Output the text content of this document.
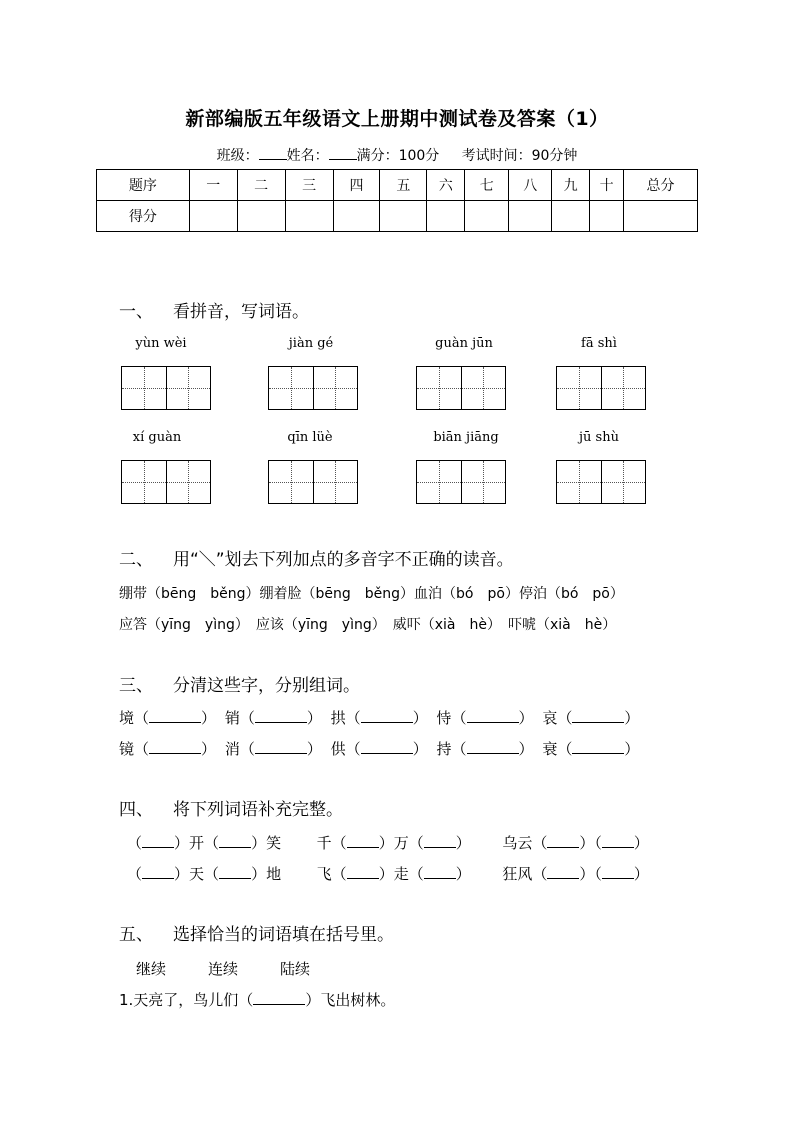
新部编版五年级语文上册期中测试卷及答案（1）
班级： 姓名： 满分：100分 考试时间：90分钟
题序	一	二	三	四	五	六	七	八	九	十	总分
得分											
一、 看拼音，写词语。
yùn wèi	jiàn gé	guàn jūn	fā shì
xí guàn	qīn lüè	biān jiāng	jū shù
二、 用“＼”划去下列加点的多音字不正确的读音。
绷带（bēng　běng）绷着脸（bēng　běng）血泊（bó　pō）停泊（bó　pō）
应答（yīng　yìng）　应该（yīng　yìng）　威吓（xià　hè）　吓唬（xià　hè）
三、 分清这些字，分别组词。
境（	） 销（	） 拱（	） 恃（	） 哀（	）
镜（	） 消（	） 供（	） 持（	） 衰（	）
四、 将下列词语补充完整。
（ ）开（ ）笑 千（ ）万（ ） 乌云（ ）（ ）
（ ）天（ ）地 飞（ ）走（ ） 狂风（ ）（ ）
五、 选择恰当的词语填在括号里。
继续	连续	陆续
1.天亮了，鸟儿们（	）飞出树林。
